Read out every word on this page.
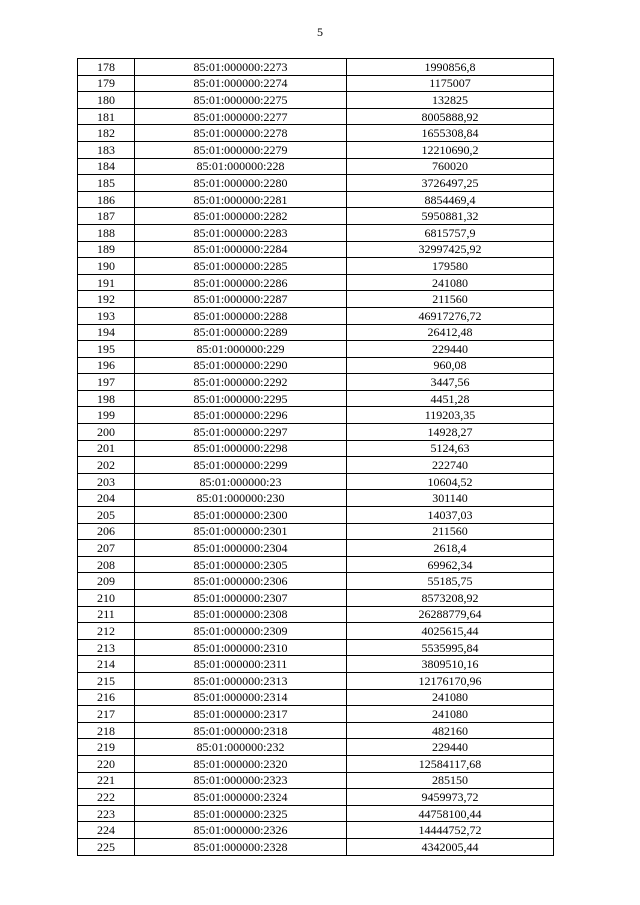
5
178	85:01:000000:2273	1990856,8
179	85:01:000000:2274	1175007
180	85:01:000000:2275	132825
181	85:01:000000:2277	8005888,92
182	85:01:000000:2278	1655308,84
183	85:01:000000:2279	12210690,2
184	85:01:000000:228	760020
185	85:01:000000:2280	3726497,25
186	85:01:000000:2281	8854469,4
187	85:01:000000:2282	5950881,32
188	85:01:000000:2283	6815757,9
189	85:01:000000:2284	32997425,92
190	85:01:000000:2285	179580
191	85:01:000000:2286	241080
192	85:01:000000:2287	211560
193	85:01:000000:2288	46917276,72
194	85:01:000000:2289	26412,48
195	85:01:000000:229	229440
196	85:01:000000:2290	960,08
197	85:01:000000:2292	3447,56
198	85:01:000000:2295	4451,28
199	85:01:000000:2296	119203,35
200	85:01:000000:2297	14928,27
201	85:01:000000:2298	5124,63
202	85:01:000000:2299	222740
203	85:01:000000:23	10604,52
204	85:01:000000:230	301140
205	85:01:000000:2300	14037,03
206	85:01:000000:2301	211560
207	85:01:000000:2304	2618,4
208	85:01:000000:2305	69962,34
209	85:01:000000:2306	55185,75
210	85:01:000000:2307	8573208,92
211	85:01:000000:2308	26288779,64
212	85:01:000000:2309	4025615,44
213	85:01:000000:2310	5535995,84
214	85:01:000000:2311	3809510,16
215	85:01:000000:2313	12176170,96
216	85:01:000000:2314	241080
217	85:01:000000:2317	241080
218	85:01:000000:2318	482160
219	85:01:000000:232	229440
220	85:01:000000:2320	12584117,68
221	85:01:000000:2323	285150
222	85:01:000000:2324	9459973,72
223	85:01:000000:2325	44758100,44
224	85:01:000000:2326	14444752,72
225	85:01:000000:2328	4342005,44
